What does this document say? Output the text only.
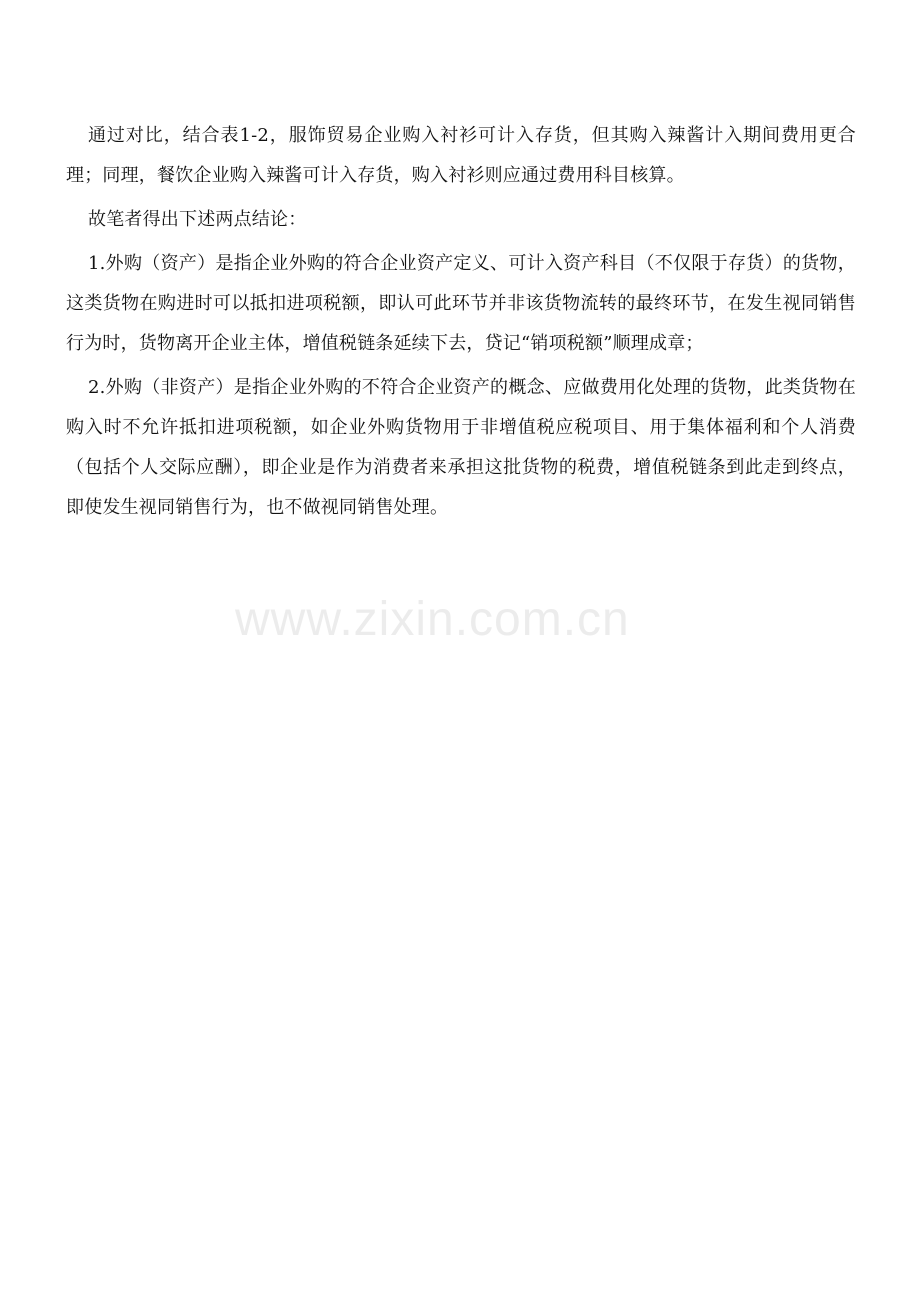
通过对比，结合表1-2，服饰贸易企业购入衬衫可计入存货，但其购入辣酱计入期间费用更合理；同理，餐饮企业购入辣酱可计入存货，购入衬衫则应通过费用科目核算。

故笔者得出下述两点结论：

1.外购（资产）是指企业外购的符合企业资产定义、可计入资产科目（不仅限于存货）的货物，这类货物在购进时可以抵扣进项税额，即认可此环节并非该货物流转的最终环节，在发生视同销售行为时，货物离开企业主体，增值税链条延续下去，贷记“销项税额”顺理成章；

2.外购（非资产）是指企业外购的不符合企业资产的概念、应做费用化处理的货物，此类货物在购入时不允许抵扣进项税额，如企业外购货物用于非增值税应税项目、用于集体福利和个人消费（包括个人交际应酬），即企业是作为消费者来承担这批货物的税费，增值税链条到此走到终点，即使发生视同销售行为，也不做视同销售处理。

www.zixin.com.cn
